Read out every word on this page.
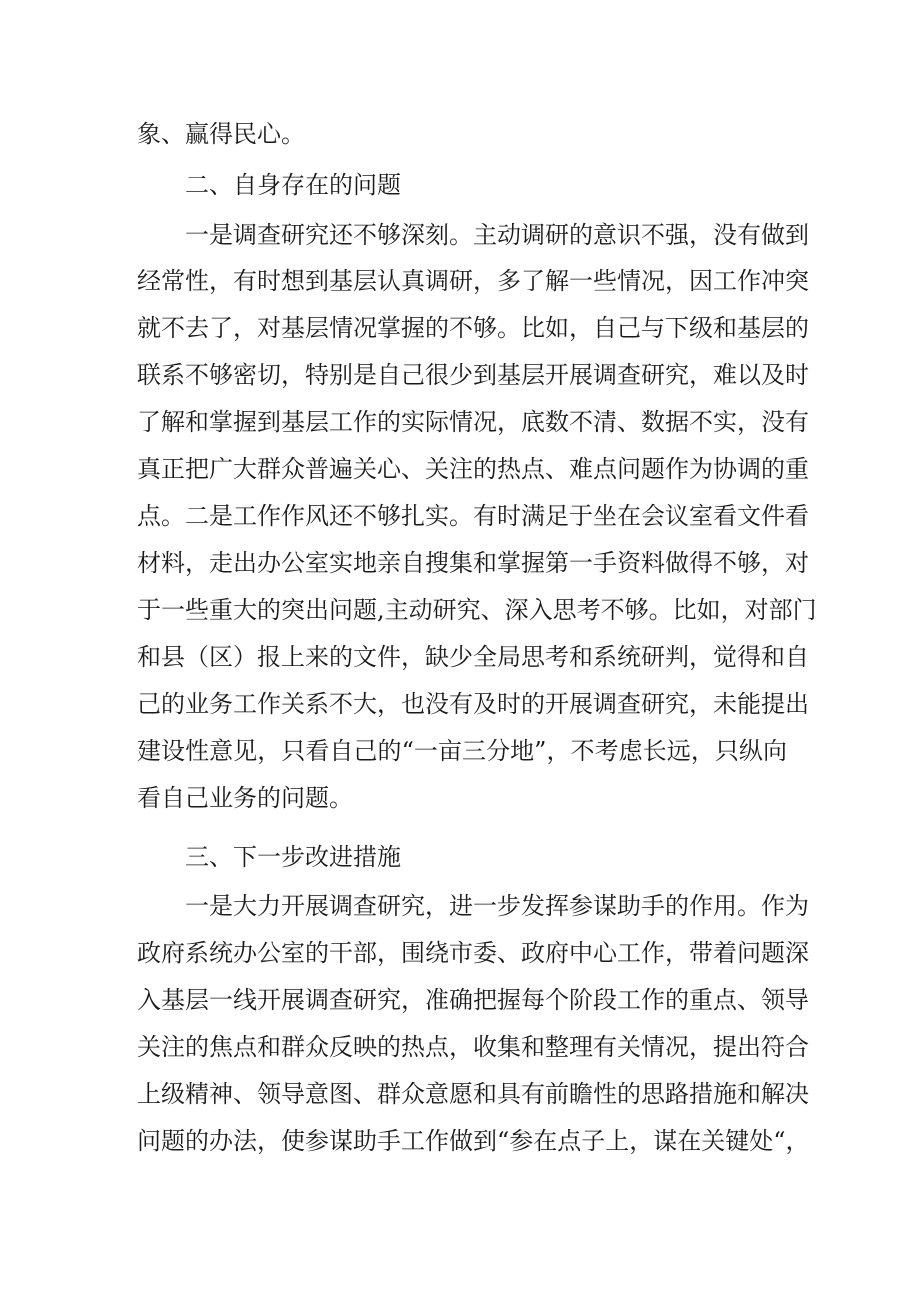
象、赢得民心。

二、自身存在的问题

一是调查研究还不够深刻。主动调研的意识不强，没有做到

经常性，有时想到基层认真调研，多了解一些情况，因工作冲突

就不去了，对基层情况掌握的不够。比如，自己与下级和基层的

联系不够密切，特别是自己很少到基层开展调查研究，难以及时

了解和掌握到基层工作的实际情况，底数不清、数据不实，没有

真正把广大群众普遍关心、关注的热点、难点问题作为协调的重

点。二是工作作风还不够扎实。有时满足于坐在会议室看文件看

材料，走出办公室实地亲自搜集和掌握第一手资料做得不够，对

于一些重大的突出问题,主动研究、深入思考不够。比如，对部门

和县（区）报上来的文件，缺少全局思考和系统研判，觉得和自

己的业务工作关系不大，也没有及时的开展调查研究，未能提出

建设性意见，只看自己的“一亩三分地”，不考虑长远，只纵向

看自己业务的问题。

三、下一步改进措施

一是大力开展调查研究，进一步发挥参谋助手的作用。作为

政府系统办公室的干部，围绕市委、政府中心工作，带着问题深

入基层一线开展调查研究，准确把握每个阶段工作的重点、领导

关注的焦点和群众反映的热点，收集和整理有关情况，提出符合

上级精神、领导意图、群众意愿和具有前瞻性的思路措施和解决

问题的办法，使参谋助手工作做到“参在点子上，谋在关键处“，
